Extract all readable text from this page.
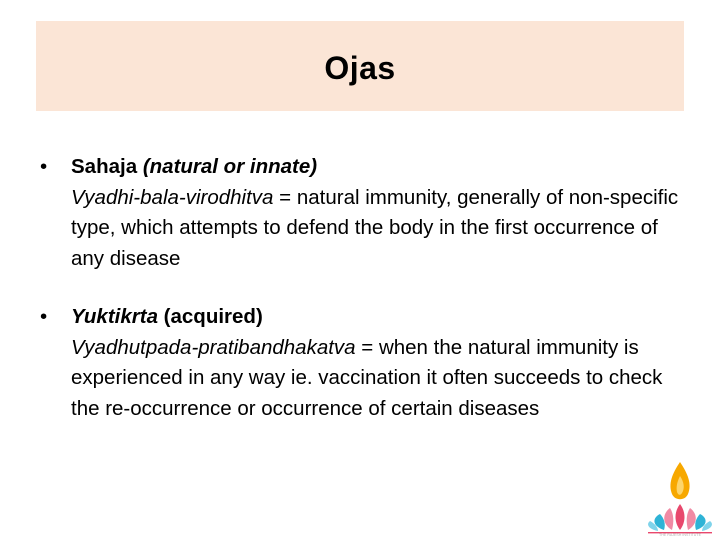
Ojas
• Sahaja (natural or innate)
Vyadhi-bala-virodhitva = natural immunity, generally of non-specific type, which attempts to defend the body in the first occurrence of any disease
• Yuktikrta (acquired)
Vyadhutpada-pratibandhakatva = when the natural immunity is experienced in any way ie. vaccination it often succeeds to check the re-occurrence or occurrence of certain diseases
THE RAJESH INSTITUTE
